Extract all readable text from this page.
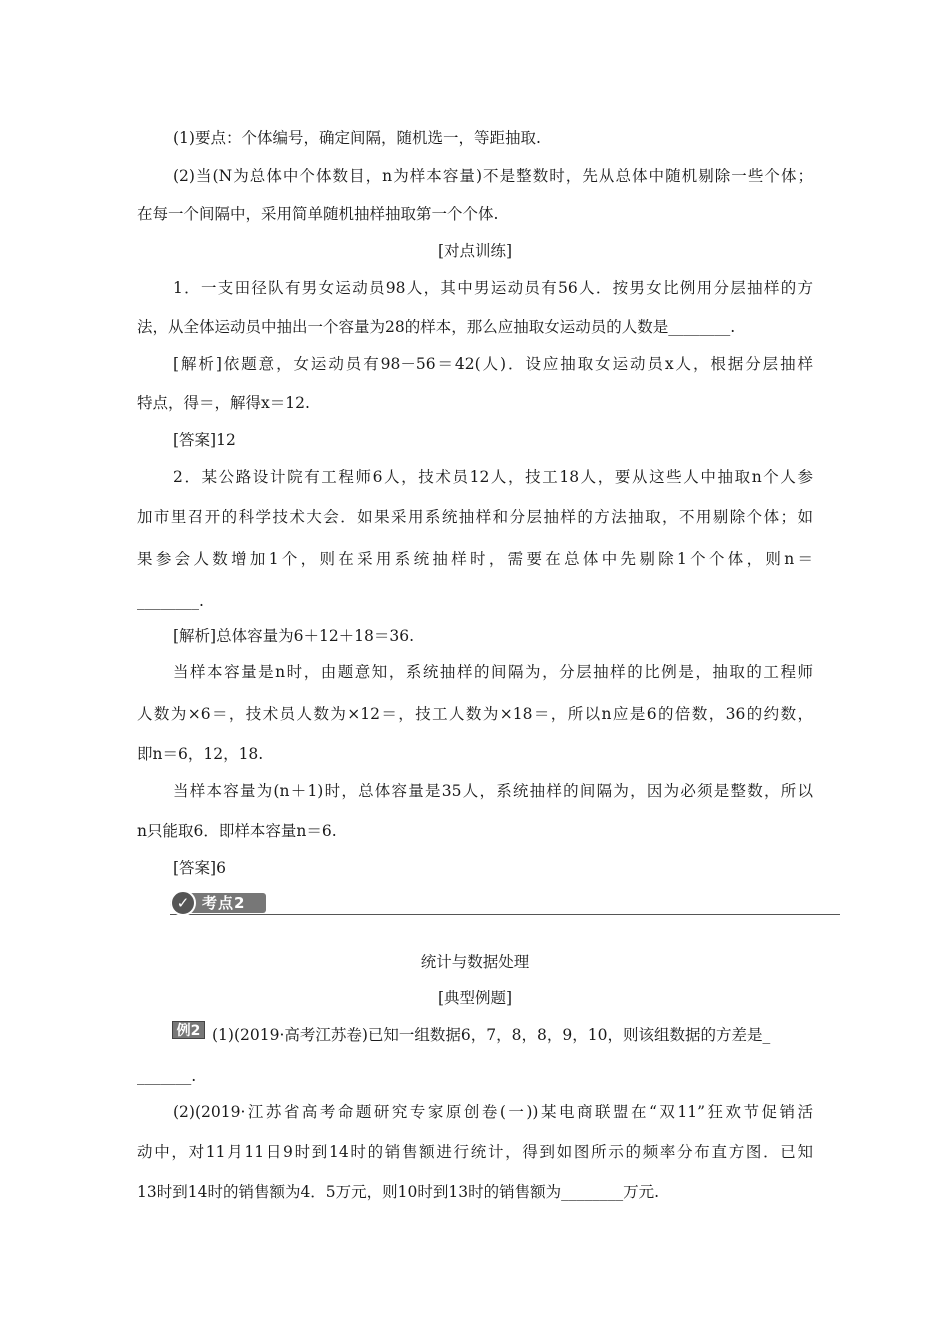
(1)要点：个体编号，确定间隔，随机选一，等距抽取.
(2)当(N为总体中个体数目，n为样本容量)不是整数时，先从总体中随机剔除一些个体；
在每一个间隔中，采用简单随机抽样抽取第一个个体.
[对点训练]
1．一支田径队有男女运动员98人，其中男运动员有56人．按男女比例用分层抽样的方
法，从全体运动员中抽出一个容量为28的样本，那么应抽取女运动员的人数是________.
[解析]依题意，女运动员有98－56＝42(人)．设应抽取女运动员x人，根据分层抽样
特点，得＝，解得x＝12.
[答案]12
2．某公路设计院有工程师6人，技术员12人，技工18人，要从这些人中抽取n个人参
加市里召开的科学技术大会．如果采用系统抽样和分层抽样的方法抽取，不用剔除个体；如
果参会人数增加1个，则在采用系统抽样时，需要在总体中先剔除1个个体，则n＝
________.
[解析]总体容量为6＋12＋18＝36.
当样本容量是n时，由题意知，系统抽样的间隔为，分层抽样的比例是，抽取的工程师
人数为×6＝，技术员人数为×12＝，技工人数为×18＝，所以n应是6的倍数，36的约数，
即n＝6，12，18.
当样本容量为(n＋1)时，总体容量是35人，系统抽样的间隔为，因为必须是整数，所以
n只能取6．即样本容量n＝6.
[答案]6
✓ 考点2
统计与数据处理
[典型例题]
例2 (1)(2019·高考江苏卷)已知一组数据6，7，8，8，9，10，则该组数据的方差是_
_______.
(2)(2019·江苏省高考命题研究专家原创卷(一))某电商联盟在“双11”狂欢节促销活
动中，对11月11日9时到14时的销售额进行统计，得到如图所示的频率分布直方图．已知
13时到14时的销售额为4．5万元，则10时到13时的销售额为________万元.
